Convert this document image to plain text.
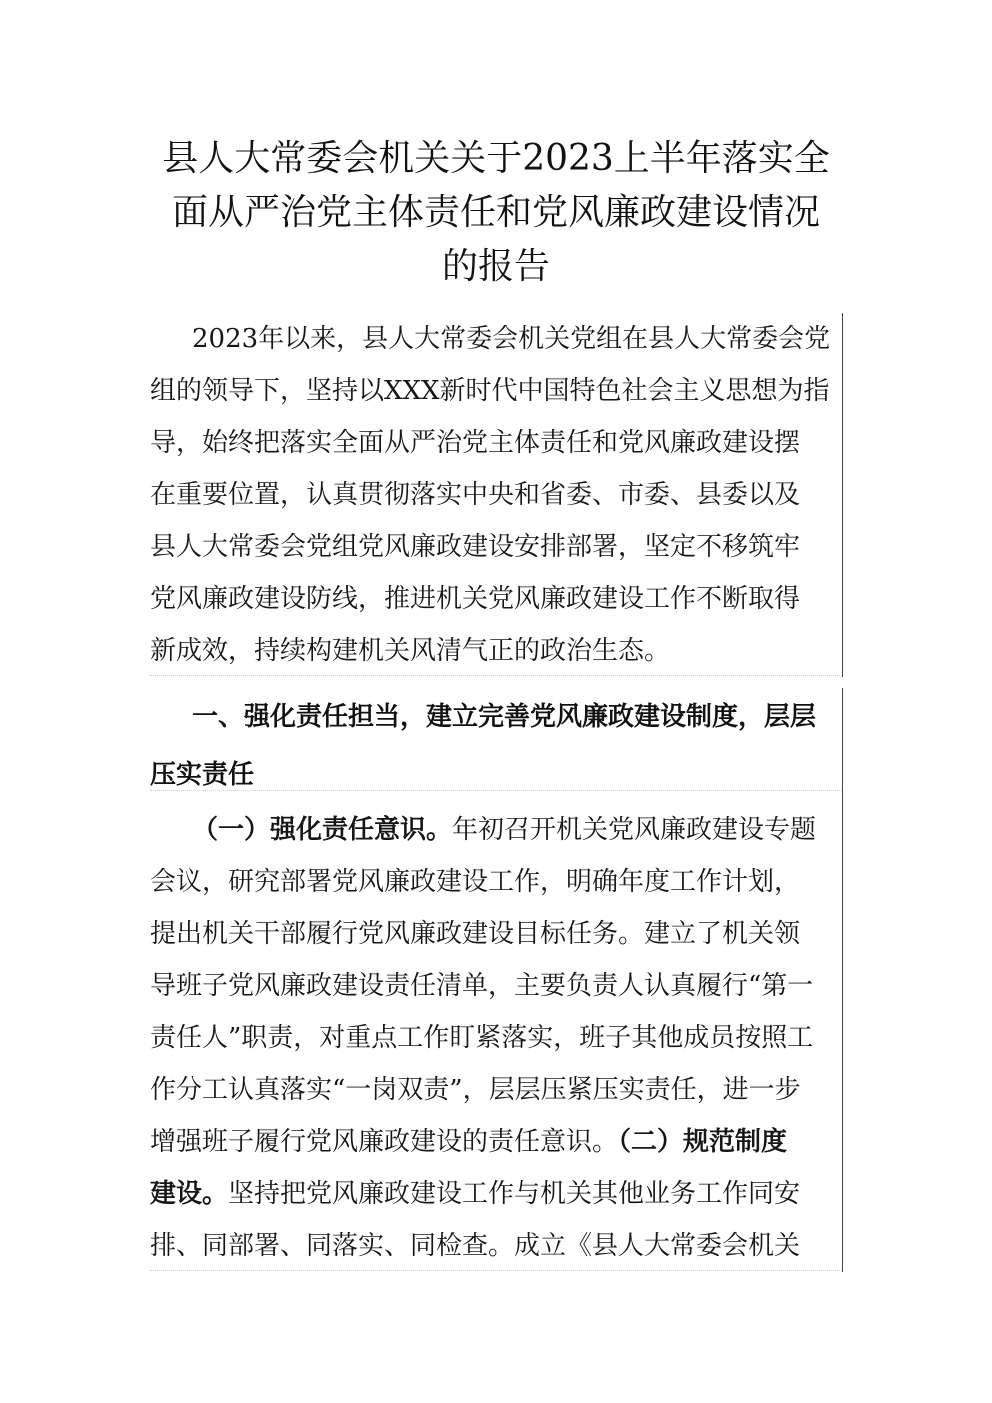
县人大常委会机关关于2023上半年落实全
面从严治党主体责任和党风廉政建设情况
的报告
2023年以来，县人大常委会机关党组在县人大常委会党
组的领导下，坚持以XXX新时代中国特色社会主义思想为指
导，始终把落实全面从严治党主体责任和党风廉政建设摆
在重要位置，认真贯彻落实中央和省委、市委、县委以及
县人大常委会党组党风廉政建设安排部署，坚定不移筑牢
党风廉政建设防线，推进机关党风廉政建设工作不断取得
新成效，持续构建机关风清气正的政治生态。
一、强化责任担当，建立完善党风廉政建设制度，层层
压实责任
（一）强化责任意识。年初召开机关党风廉政建设专题
会议，研究部署党风廉政建设工作，明确年度工作计划，
提出机关干部履行党风廉政建设目标任务。建立了机关领
导班子党风廉政建设责任清单，主要负责人认真履行“第一
责任人”职责，对重点工作盯紧落实，班子其他成员按照工
作分工认真落实“一岗双责”，层层压紧压实责任，进一步
增强班子履行党风廉政建设的责任意识。（二）规范制度
建设。坚持把党风廉政建设工作与机关其他业务工作同安
排、同部署、同落实、同检查。成立《县人大常委会机关
